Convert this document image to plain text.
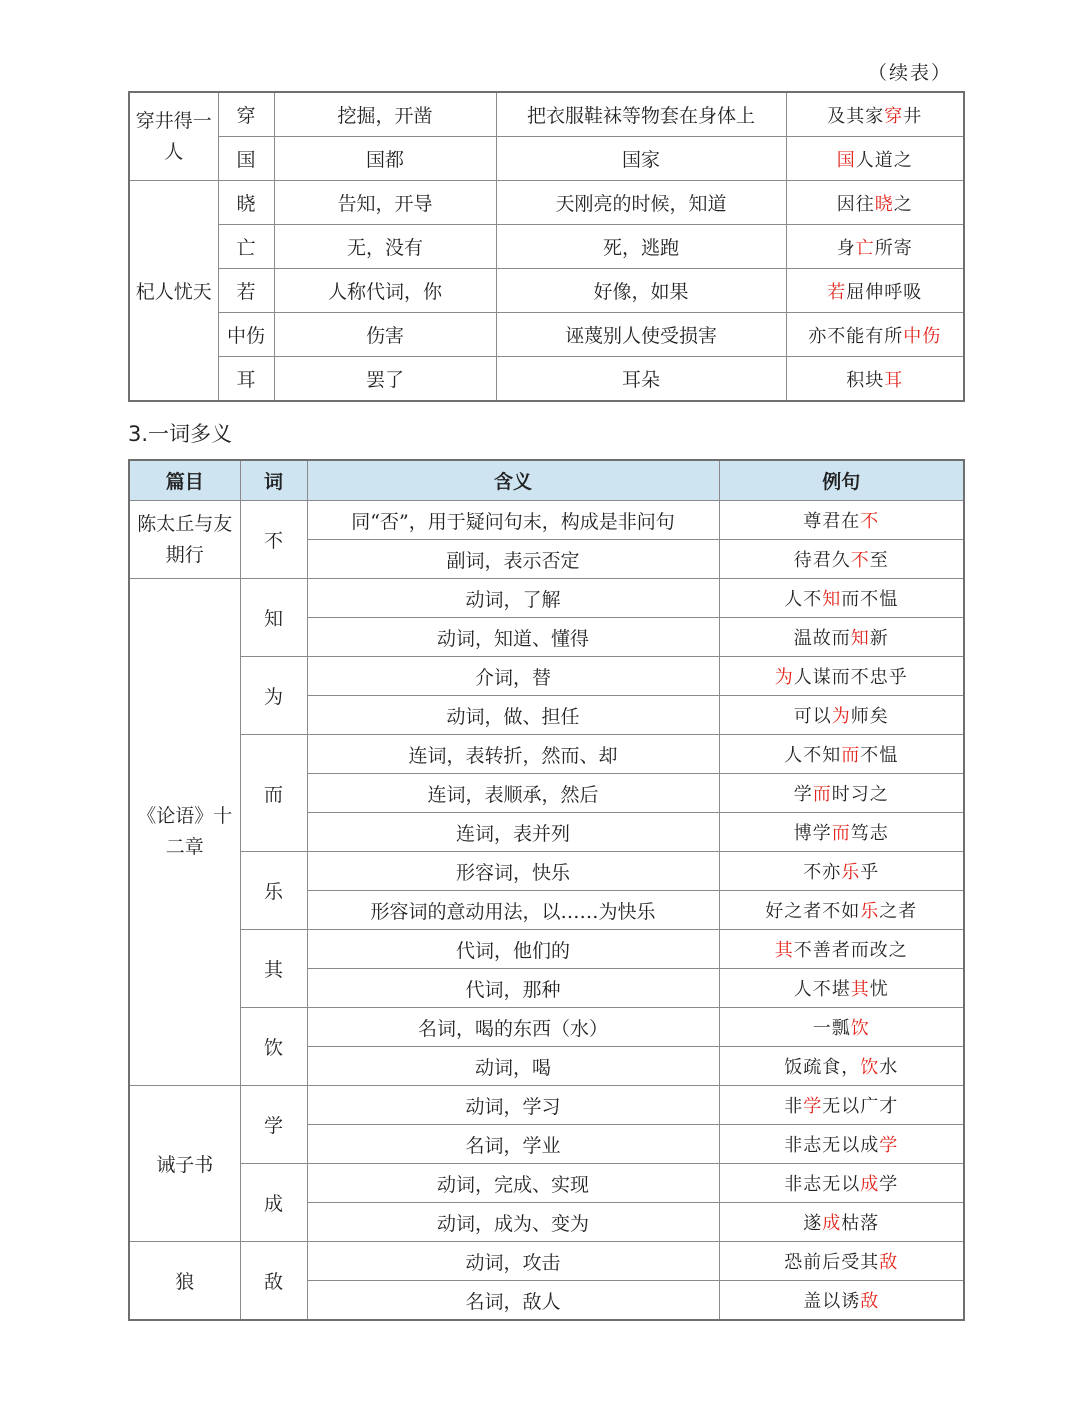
（续表）
穿井得一人	穿	挖掘，开凿	把衣服鞋袜等物套在身体上	及其家穿井
	国	国都	国家	国人道之
杞人忧天	晓	告知，开导	天刚亮的时候，知道	因往晓之
	亡	无，没有	死，逃跑	身亡所寄
	若	人称代词，你	好像，如果	若屈伸呼吸
	中伤	伤害	诬蔑别人使受损害	亦不能有所中伤
	耳	罢了	耳朵	积块耳
3.一词多义
篇目	词	含义	例句
陈太丘与友期行	不	同“否”，用于疑问句末，构成是非问句	尊君在不
		副词，表示否定	待君久不至
《论语》十二章	知	动词，了解	人不知而不愠
		动词，知道、懂得	温故而知新
	为	介词，替	为人谋而不忠乎
		动词，做、担任	可以为师矣
	而	连词，表转折，然而、却	人不知而不愠
		连词，表顺承，然后	学而时习之
		连词，表并列	博学而笃志
	乐	形容词，快乐	不亦乐乎
		形容词的意动用法，以……为快乐	好之者不如乐之者
	其	代词，他们的	其不善者而改之
		代词，那种	人不堪其忧
	饮	名词，喝的东西（水）	一瓢饮
		动词，喝	饭疏食，饮水
诫子书	学	动词，学习	非学无以广才
		名词，学业	非志无以成学
	成	动词，完成、实现	非志无以成学
		动词，成为、变为	遂成枯落
狼	敌	动词，攻击	恐前后受其敌
		名词，敌人	盖以诱敌
